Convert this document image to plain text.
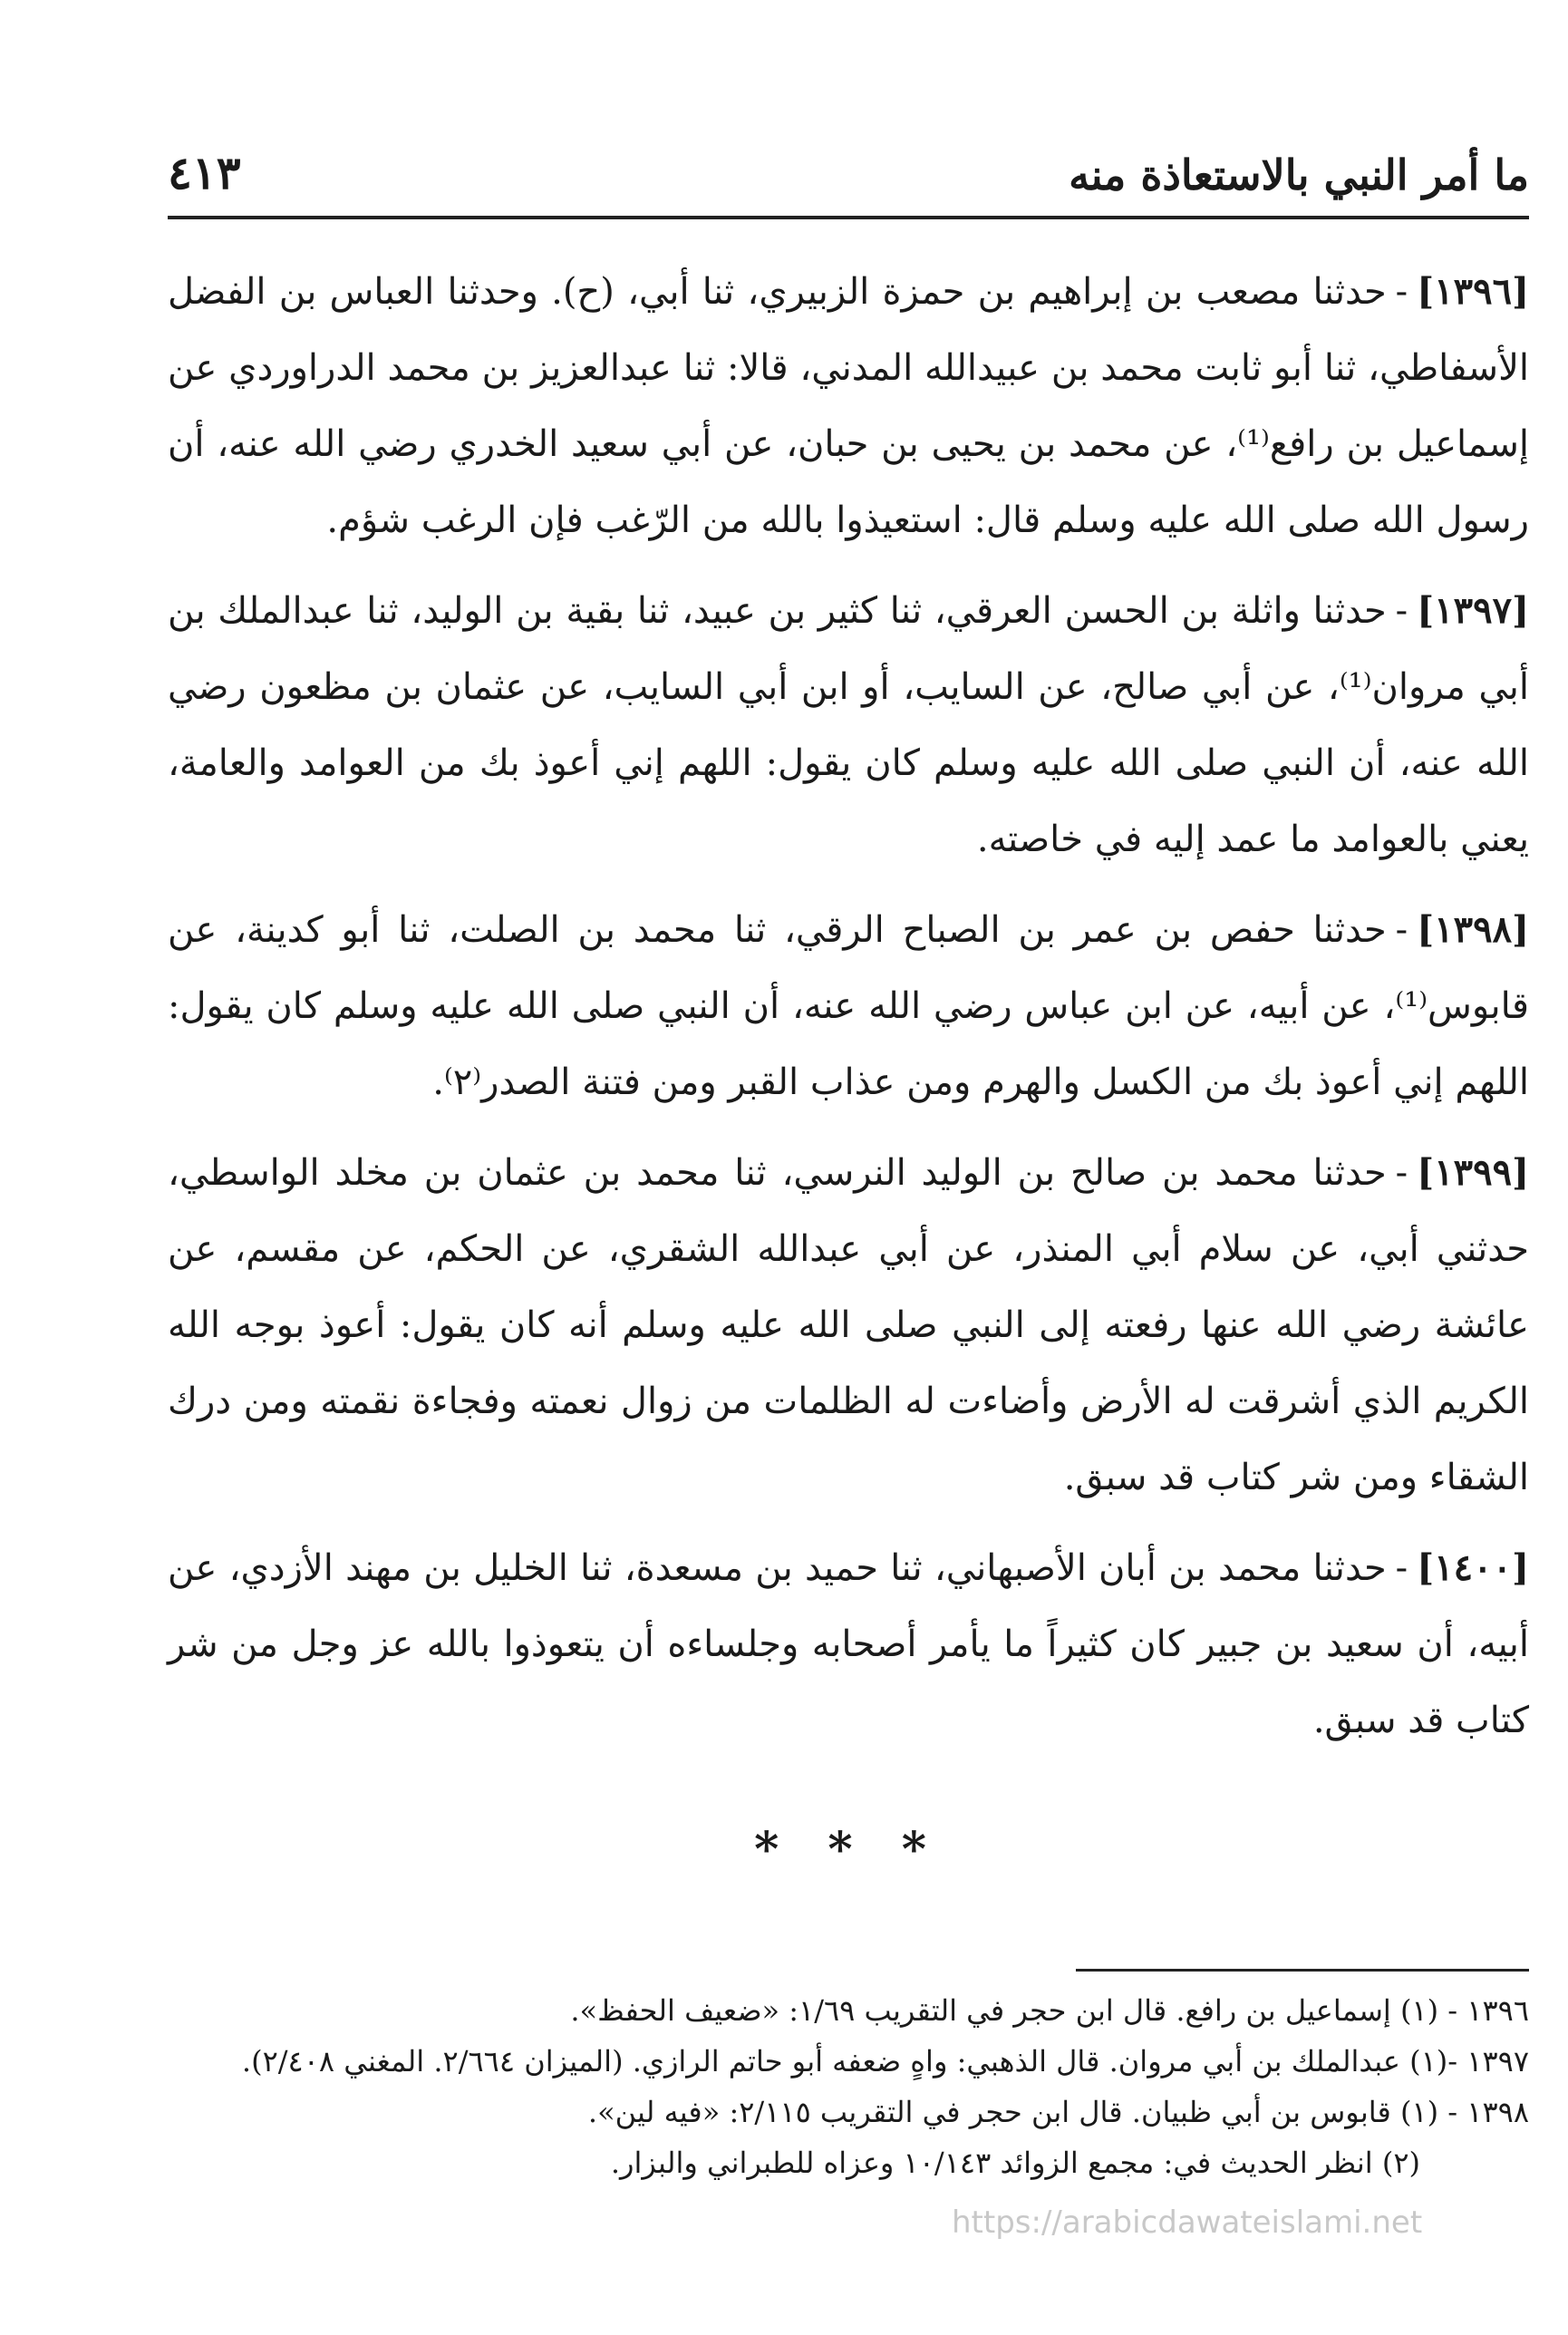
ما أمر النبي بالاستعاذة منه
٤١٣

[١٣٩٦]-حدثنا مصعب بن إبراهيم بن حمزة الزبيري، ثنا أبي، (ح). وحدثنا العباس بن الفضل الأسفاطي، ثنا أبو ثابت محمد بن عبيدالله المدني، قالا: ثنا عبدالعزيز بن محمد الدراوردي عن إسماعيل بن رافع⁽¹⁾، عن محمد بن يحيى بن حبان، عن أبي سعيد الخدري رضي الله عنه، أن رسول الله صلى الله عليه وسلم قال: استعيذوا بالله من الرّغب فإن الرغب شؤم.

[١٣٩٧]-حدثنا واثلة بن الحسن العرقي، ثنا كثير بن عبيد، ثنا بقية بن الوليد، ثنا عبدالملك بن أبي مروان⁽¹⁾، عن أبي صالح، عن السايب، أو ابن أبي السايب، عن عثمان بن مظعون رضي الله عنه، أن النبي صلى الله عليه وسلم كان يقول: اللهم إني أعوذ بك من العوامد والعامة، يعني بالعوامد ما عمد إليه في خاصته.

[١٣٩٨]-حدثنا حفص بن عمر بن الصباح الرقي، ثنا محمد بن الصلت، ثنا أبو كدينة، عن قابوس⁽¹⁾، عن أبيه، عن ابن عباس رضي الله عنه، أن النبي صلى الله عليه وسلم كان يقول: اللهم إني أعوذ بك من الكسل والهرم ومن عذاب القبر ومن فتنة الصدر⁽٢⁾.

[١٣٩٩]-حدثنا محمد بن صالح بن الوليد النرسي، ثنا محمد بن عثمان بن مخلد الواسطي، حدثني أبي، عن سلام أبي المنذر، عن أبي عبدالله الشقري، عن الحكم، عن مقسم، عن عائشة رضي الله عنها رفعته إلى النبي صلى الله عليه وسلم أنه كان يقول: أعوذ بوجه الله الكريم الذي أشرقت له الأرض وأضاءت له الظلمات من زوال نعمته وفجاءة نقمته ومن درك الشقاء ومن شر كتاب قد سبق.

[١٤٠٠]-حدثنا محمد بن أبان الأصبهاني، ثنا حميد بن مسعدة، ثنا الخليل بن مهند الأزدي، عن أبيه، أن سعيد بن جبير كان كثيراً ما يأمر أصحابه وجلساءه أن يتعوذوا بالله عز وجل من شر كتاب قد سبق.

* * *

١٣٩٦ - (١) إسماعيل بن رافع. قال ابن حجر في التقريب ١/٦٩: «ضعيف الحفظ».

١٣٩٧ -(١) عبدالملك بن أبي مروان. قال الذهبي: واهٍ ضعفه أبو حاتم الرازي. (الميزان ٢/٦٦٤. المغني ٢/٤٠٨).

١٣٩٨ - (١) قابوس بن أبي ظبيان. قال ابن حجر في التقريب ٢/١١٥: «فيه لين».

(٢) انظر الحديث في: مجمع الزوائد ١٠/١٤٣ وعزاه للطبراني والبزار.

https://arabicdawateislami.net
